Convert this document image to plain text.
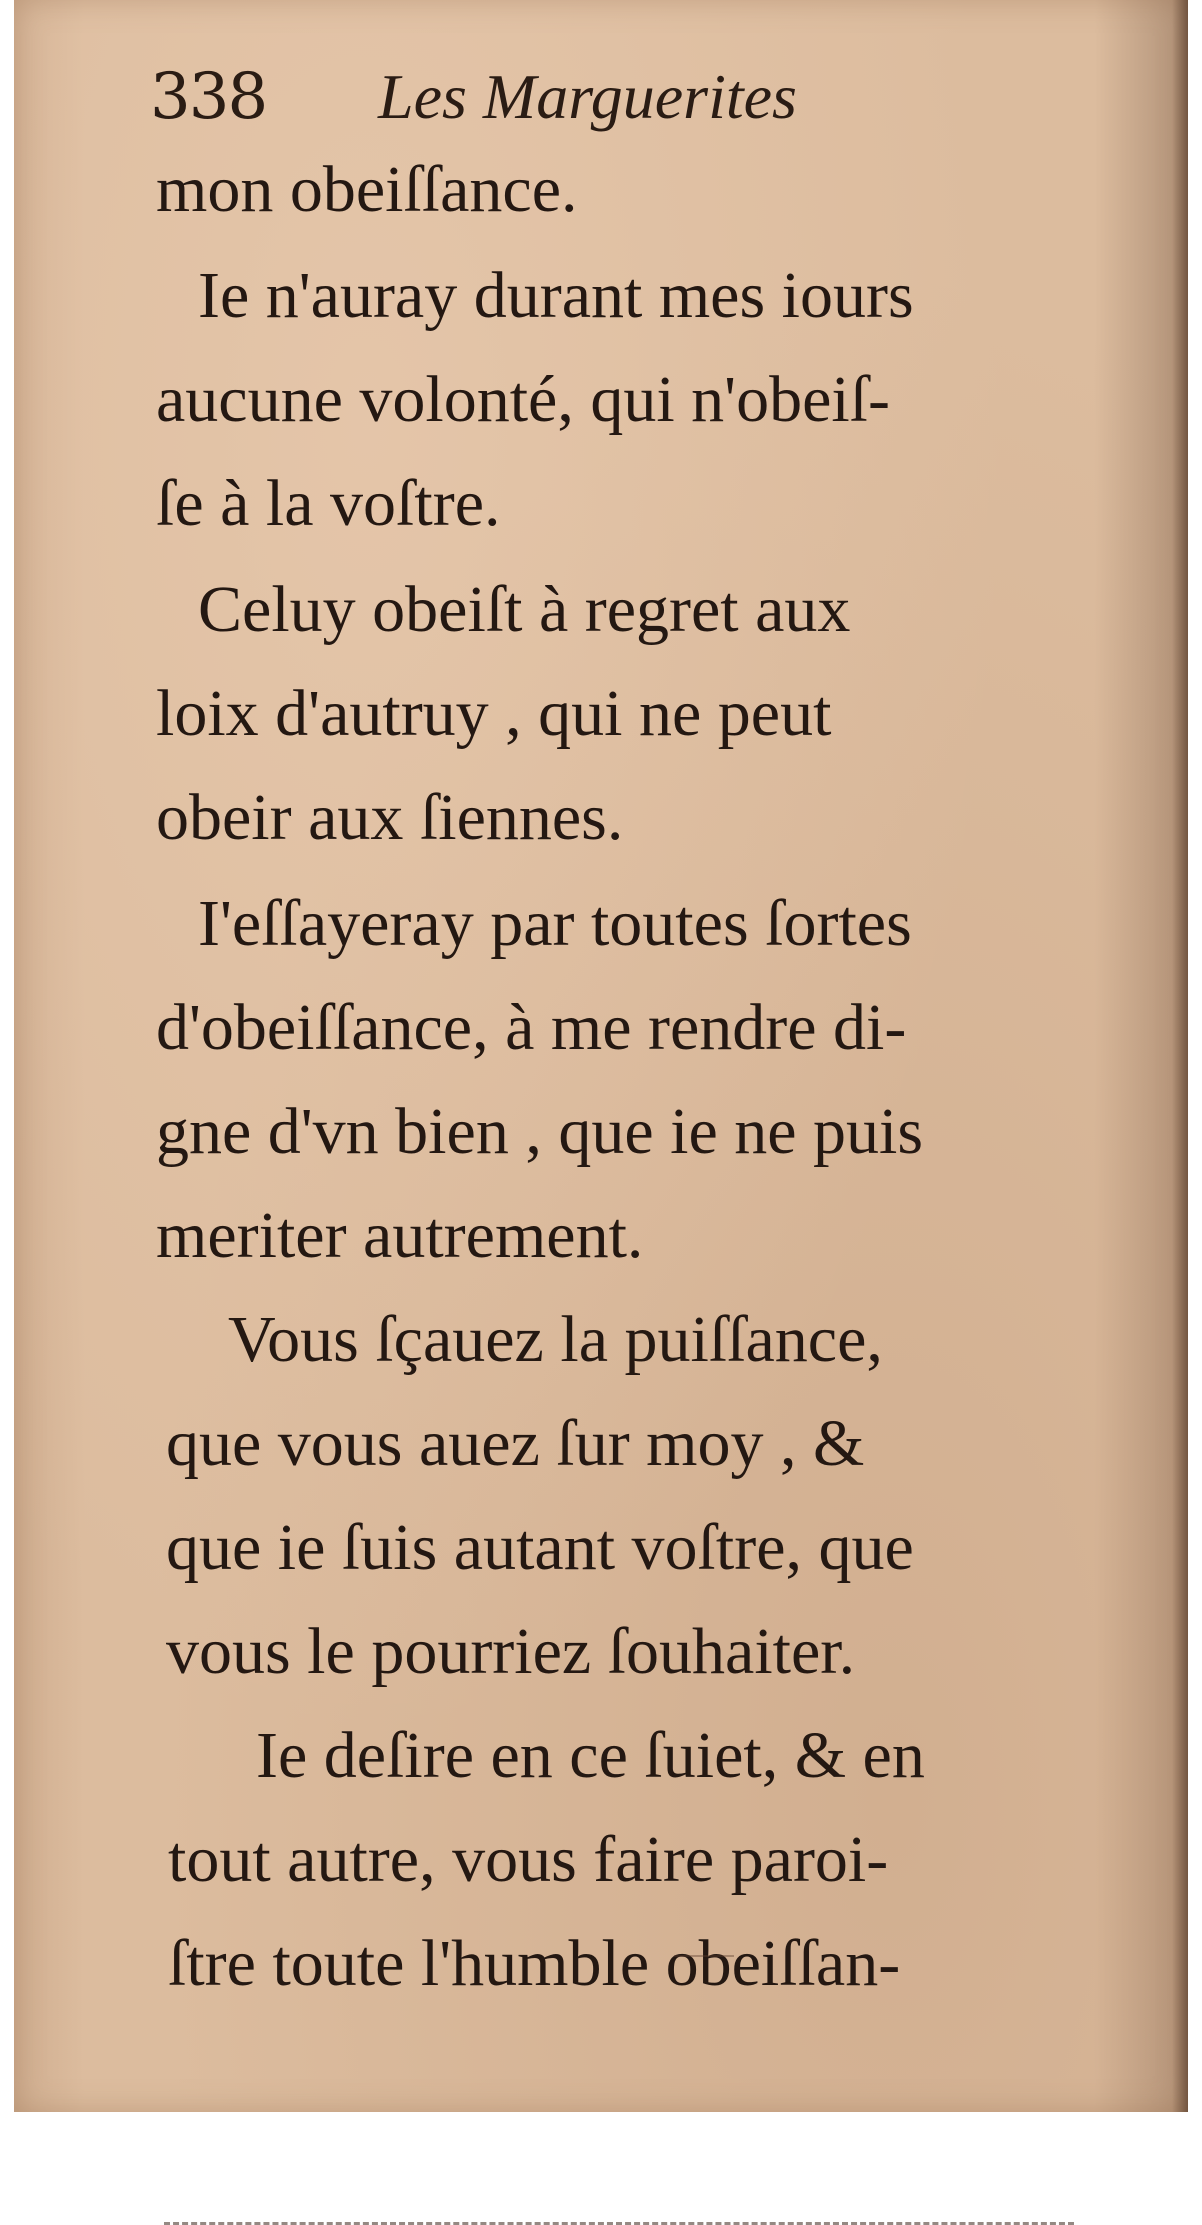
338 Les Marguerites
mon obeiſſance.
Ie n'auray durant mes iours
aucune volonté, qui n'obeiſ-
ſe à la voſtre.
Celuy obeiſt à regret aux
loix d'autruy , qui ne peut
obeir aux ſiennes.
I'eſſayeray par toutes ſortes
d'obeiſſance, à me rendre di-
gne d'vn bien , que ie ne puis
meriter autrement.
Vous ſçauez la puiſſance,
que vous auez ſur moy , &
que ie ſuis autant voſtre, que
vous le pourriez ſouhaiter.
Ie deſire en ce ſuiet, & en
tout autre, vous faire paroi-
ſtre toute l'humble obeiſſan-
